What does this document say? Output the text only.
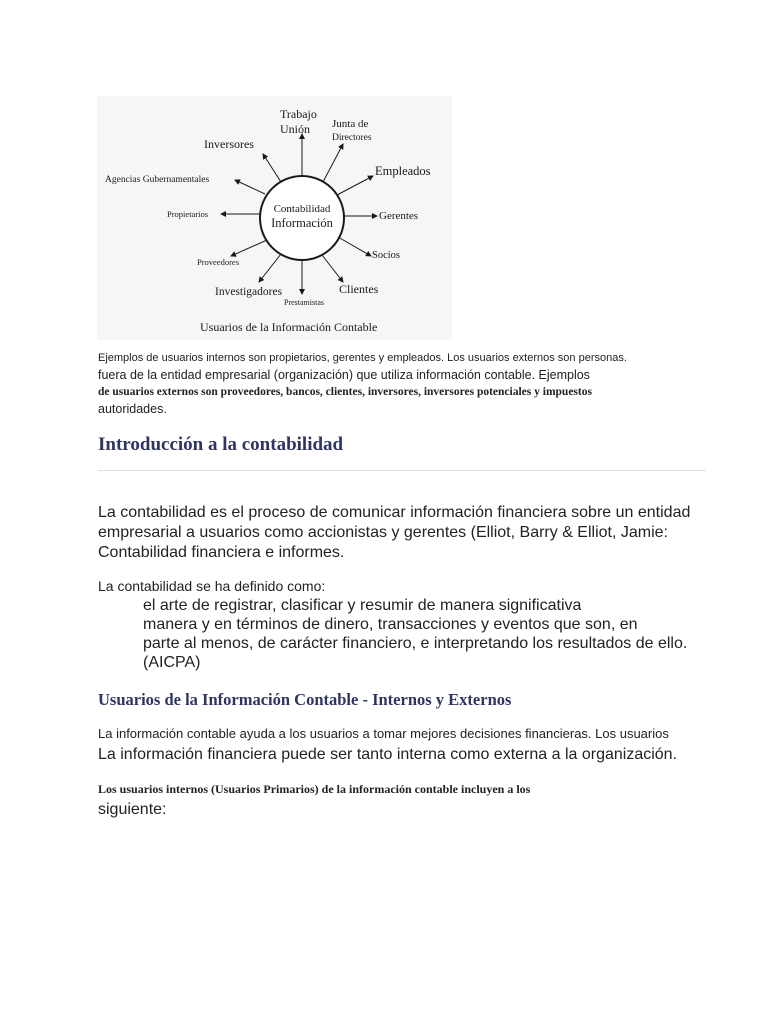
Contabilidad
Información
Trabajo
Unión Junta de
Directores
Inversores
Agencias Gubernamentales
Empleados
Propietarios	Gerentes
Proveedores
Socios
Investigadores	Clientes
Prestamistas
Usuarios de la Información Contable
Ejemplos de usuarios internos son propietarios, gerentes y empleados. Los usuarios externos son personas.
fuera de la entidad empresarial (organización) que utiliza información contable. Ejemplos
de usuarios externos son proveedores, bancos, clientes, inversores, inversores potenciales y impuestos
autoridades.
Introducción a la contabilidad

La contabilidad es el proceso de comunicar información financiera sobre un entidad empresarial a usuarios como accionistas y gerentes (Elliot, Barry & Elliot, Jamie: Contabilidad financiera e informes.

La contabilidad se ha definido como:

el arte de registrar, clasificar y resumir de manera significativa
manera y en términos de dinero, transacciones y eventos que son, en
parte al menos, de carácter financiero, e interpretando los resultados de ello.
(AICPA)
Usuarios de la Información Contable - Internos y Externos

La información contable ayuda a los usuarios a tomar mejores decisiones financieras. Los usuarios

La información financiera puede ser tanto interna como externa a la organización.

Los usuarios internos (Usuarios Primarios) de la información contable incluyen a los

siguiente:
